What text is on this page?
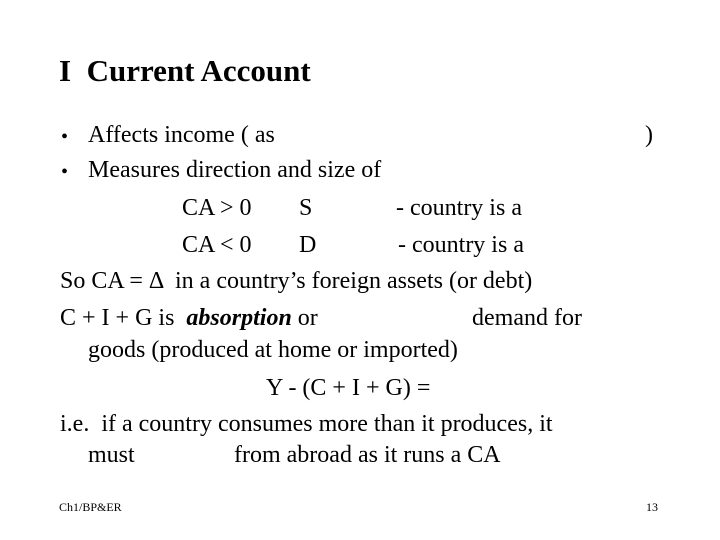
I  Current Account
• Affects income ( as	)
• Measures direction and size of
CA > 0 S	- country is a
CA < 0 D	- country is a
So CA = Δ  in a country’s foreign assets (or debt)
C + I + G is  absorption or	demand for
goods (produced at home or imported)
Y - (C + I + G) =
i.e.  if a country consumes more than it produces, it
must	from abroad as it runs a CA
Ch1/BP&ER	13
